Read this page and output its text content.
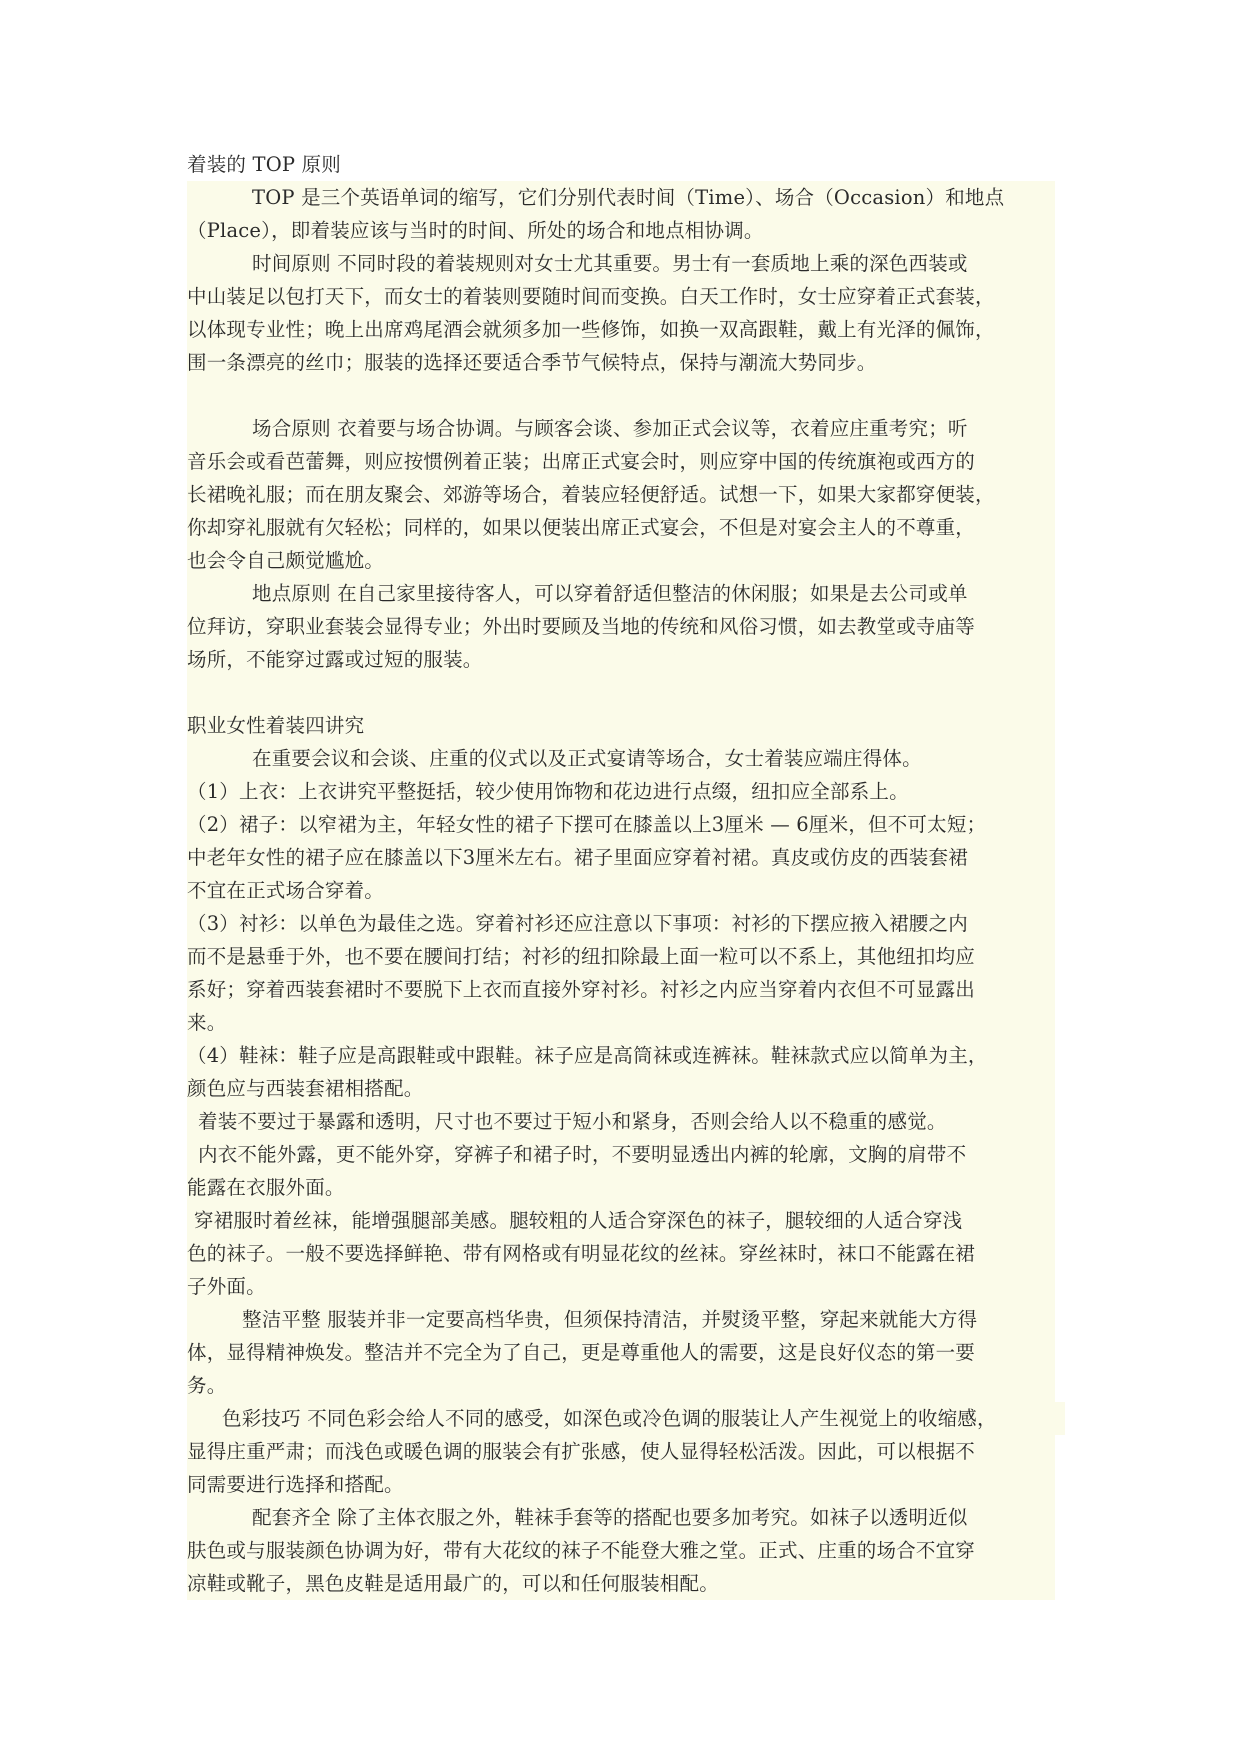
着装的 TOP 原则
TOP 是三个英语单词的缩写，它们分别代表时间（Time）、场合（Occasion）和地点
（Place），即着装应该与当时的时间、所处的场合和地点相协调。
时间原则 不同时段的着装规则对女士尤其重要。男士有一套质地上乘的深色西装或
中山装足以包打天下，而女士的着装则要随时间而变换。白天工作时，女士应穿着正式套装，
以体现专业性；晚上出席鸡尾酒会就须多加一些修饰，如换一双高跟鞋，戴上有光泽的佩饰，
围一条漂亮的丝巾；服装的选择还要适合季节气候特点，保持与潮流大势同步。
场合原则 衣着要与场合协调。与顾客会谈、参加正式会议等，衣着应庄重考究；听
音乐会或看芭蕾舞，则应按惯例着正装；出席正式宴会时，则应穿中国的传统旗袍或西方的
长裙晚礼服；而在朋友聚会、郊游等场合，着装应轻便舒适。试想一下，如果大家都穿便装，
你却穿礼服就有欠轻松；同样的，如果以便装出席正式宴会，不但是对宴会主人的不尊重，
也会令自己颇觉尴尬。
地点原则 在自己家里接待客人，可以穿着舒适但整洁的休闲服；如果是去公司或单
位拜访，穿职业套装会显得专业；外出时要顾及当地的传统和风俗习惯，如去教堂或寺庙等
场所，不能穿过露或过短的服装。
职业女性着装四讲究
在重要会议和会谈、庄重的仪式以及正式宴请等场合，女士着装应端庄得体。
（1）上衣：上衣讲究平整挺括，较少使用饰物和花边进行点缀，纽扣应全部系上。
（2）裙子：以窄裙为主，年轻女性的裙子下摆可在膝盖以上3厘米 — 6厘米，但不可太短；
中老年女性的裙子应在膝盖以下3厘米左右。裙子里面应穿着衬裙。真皮或仿皮的西装套裙
不宜在正式场合穿着。
（3）衬衫：以单色为最佳之选。穿着衬衫还应注意以下事项：衬衫的下摆应掖入裙腰之内
而不是悬垂于外，也不要在腰间打结；衬衫的纽扣除最上面一粒可以不系上，其他纽扣均应
系好；穿着西装套裙时不要脱下上衣而直接外穿衬衫。衬衫之内应当穿着内衣但不可显露出
来。
（4）鞋袜：鞋子应是高跟鞋或中跟鞋。袜子应是高筒袜或连裤袜。鞋袜款式应以简单为主，
颜色应与西装套裙相搭配。
着装不要过于暴露和透明，尺寸也不要过于短小和紧身，否则会给人以不稳重的感觉。
内衣不能外露，更不能外穿，穿裤子和裙子时，不要明显透出内裤的轮廓，文胸的肩带不
能露在衣服外面。
穿裙服时着丝袜，能增强腿部美感。腿较粗的人适合穿深色的袜子，腿较细的人适合穿浅
色的袜子。一般不要选择鲜艳、带有网格或有明显花纹的丝袜。穿丝袜时，袜口不能露在裙
子外面。
整洁平整 服装并非一定要高档华贵，但须保持清洁，并熨烫平整，穿起来就能大方得
体，显得精神焕发。整洁并不完全为了自己，更是尊重他人的需要，这是良好仪态的第一要
务。
色彩技巧 不同色彩会给人不同的感受，如深色或冷色调的服装让人产生视觉上的收缩感，
显得庄重严肃；而浅色或暖色调的服装会有扩张感，使人显得轻松活泼。因此，可以根据不
同需要进行选择和搭配。
配套齐全 除了主体衣服之外，鞋袜手套等的搭配也要多加考究。如袜子以透明近似
肤色或与服装颜色协调为好，带有大花纹的袜子不能登大雅之堂。正式、庄重的场合不宜穿
凉鞋或靴子，黑色皮鞋是适用最广的，可以和任何服装相配。
